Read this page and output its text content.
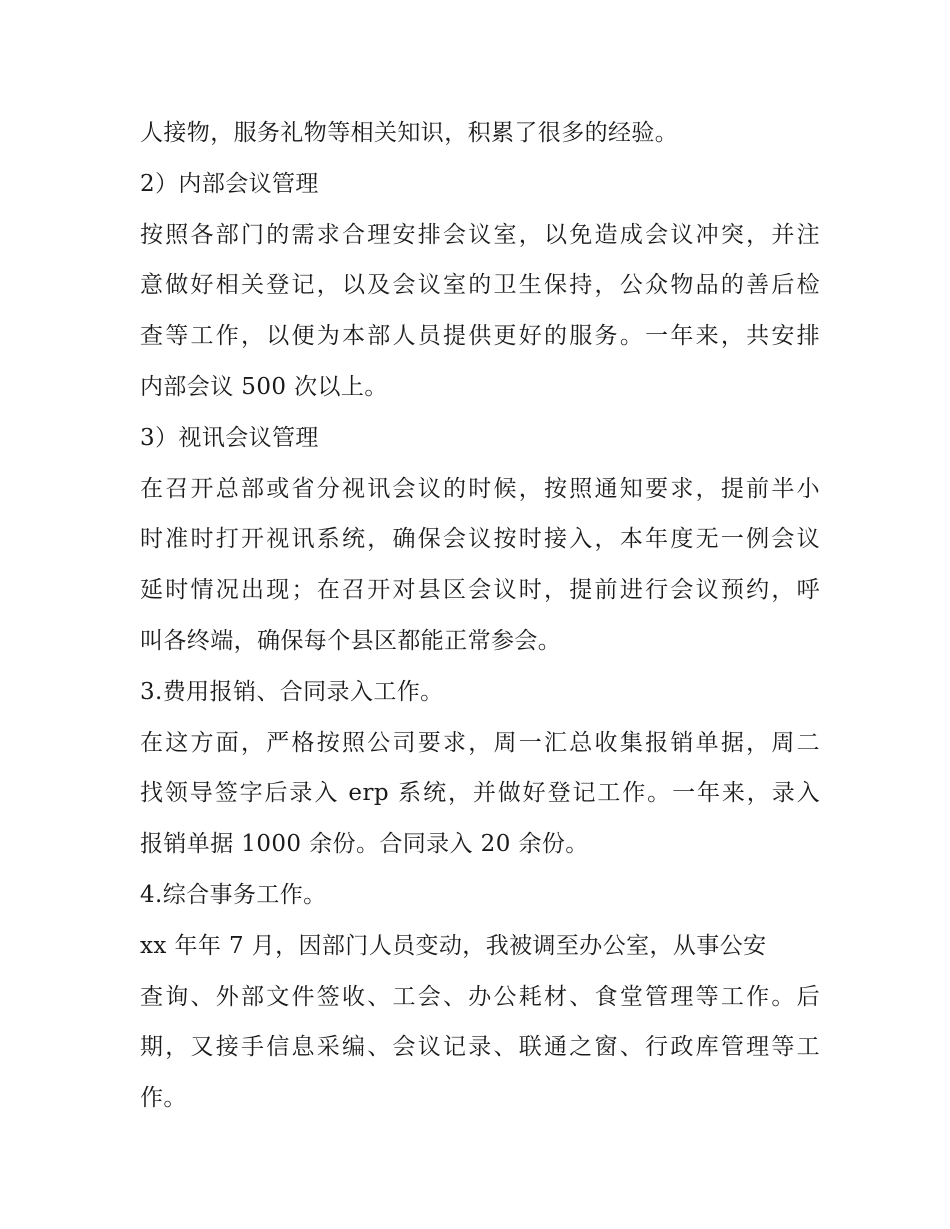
人接物，服务礼物等相关知识，积累了很多的经验。
2）内部会议管理
按照各部门的需求合理安排会议室，以免造成会议冲突，并注
意做好相关登记，以及会议室的卫生保持，公众物品的善后检
查等工作，以便为本部人员提供更好的服务。一年来，共安排
内部会议 500 次以上。
3）视讯会议管理
在召开总部或省分视讯会议的时候，按照通知要求，提前半小
时准时打开视讯系统，确保会议按时接入，本年度无一例会议
延时情况出现；在召开对县区会议时，提前进行会议预约，呼
叫各终端，确保每个县区都能正常参会。
3.费用报销、合同录入工作。
在这方面，严格按照公司要求，周一汇总收集报销单据，周二
找领导签字后录入 erp 系统，并做好登记工作。一年来，录入
报销单据 1000 余份。合同录入 20 余份。
4.综合事务工作。
xx 年年 7 月，因部门人员变动，我被调至办公室，从事公安
查询、外部文件签收、工会、办公耗材、食堂管理等工作。后
期，又接手信息采编、会议记录、联通之窗、行政库管理等工
作。
